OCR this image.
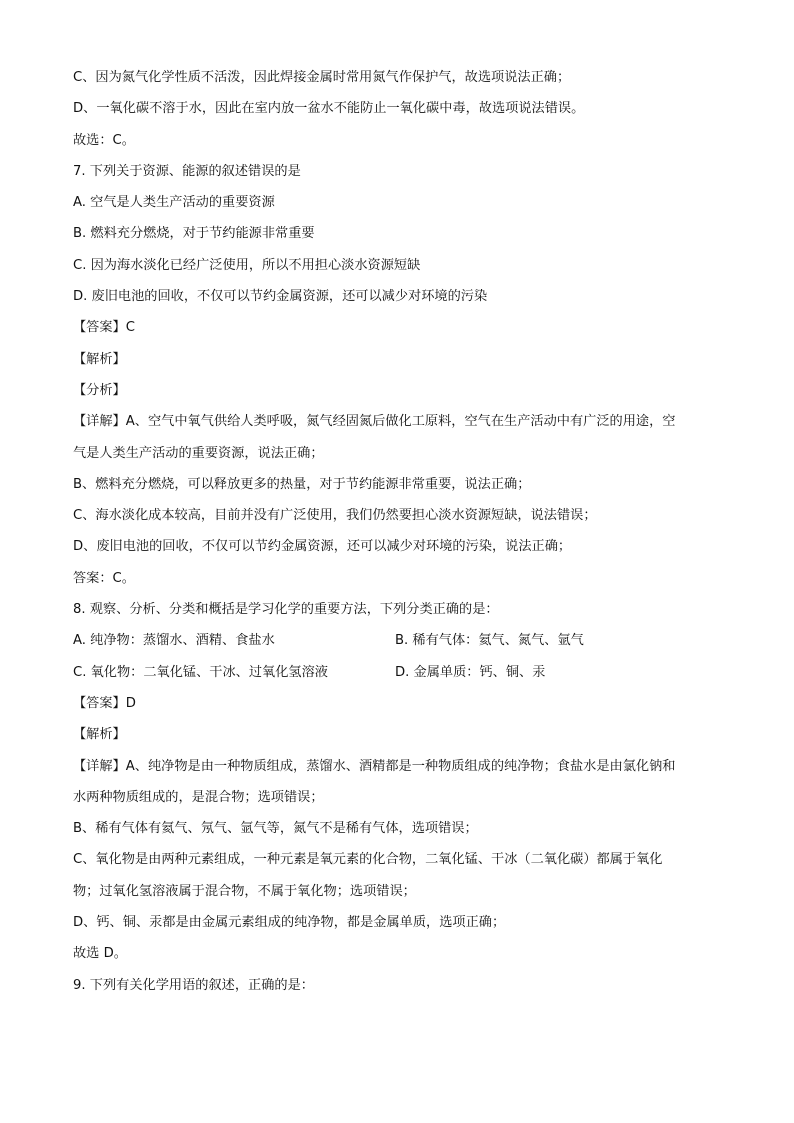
C、因为氮气化学性质不活泼，因此焊接金属时常用氮气作保护气，故选项说法正确；
D、一氧化碳不溶于水，因此在室内放一盆水不能防止一氧化碳中毒，故选项说法错误。
故选：C。
7. 下列关于资源、能源的叙述错误的是
A. 空气是人类生产活动的重要资源
B. 燃料充分燃烧，对于节约能源非常重要
C. 因为海水淡化已经广泛使用，所以不用担心淡水资源短缺
D. 废旧电池的回收，不仅可以节约金属资源，还可以减少对环境的污染
【答案】C
【解析】
【分析】
【详解】A、空气中氧气供给人类呼吸，氮气经固氮后做化工原料，空气在生产活动中有广泛的用途，空
气是人类生产活动的重要资源，说法正确；
B、燃料充分燃烧，可以释放更多的热量，对于节约能源非常重要，说法正确；
C、海水淡化成本较高，目前并没有广泛使用，我们仍然要担心淡水资源短缺，说法错误；
D、废旧电池的回收，不仅可以节约金属资源，还可以减少对环境的污染，说法正确；
答案：C。
8. 观察、分析、分类和概括是学习化学的重要方法，下列分类正确的是：
A. 纯净物：蒸馏水、酒精、食盐水	B. 稀有气体：氦气、氮气、氩气
C. 氧化物：二氧化锰、干冰、过氧化氢溶液	D. 金属单质：钙、铜、汞
【答案】D
【解析】
【详解】A、纯净物是由一种物质组成，蒸馏水、酒精都是一种物质组成的纯净物；食盐水是由氯化钠和
水两种物质组成的，是混合物；选项错误；
B、稀有气体有氦气、氖气、氩气等，氮气不是稀有气体，选项错误；
C、氧化物是由两种元素组成，一种元素是氧元素的化合物，二氧化锰、干冰（二氧化碳）都属于氧化
物；过氧化氢溶液属于混合物，不属于氧化物；选项错误；
D、钙、铜、汞都是由金属元素组成的纯净物，都是金属单质，选项正确；
故选 D。
9. 下列有关化学用语的叙述，正确的是：
